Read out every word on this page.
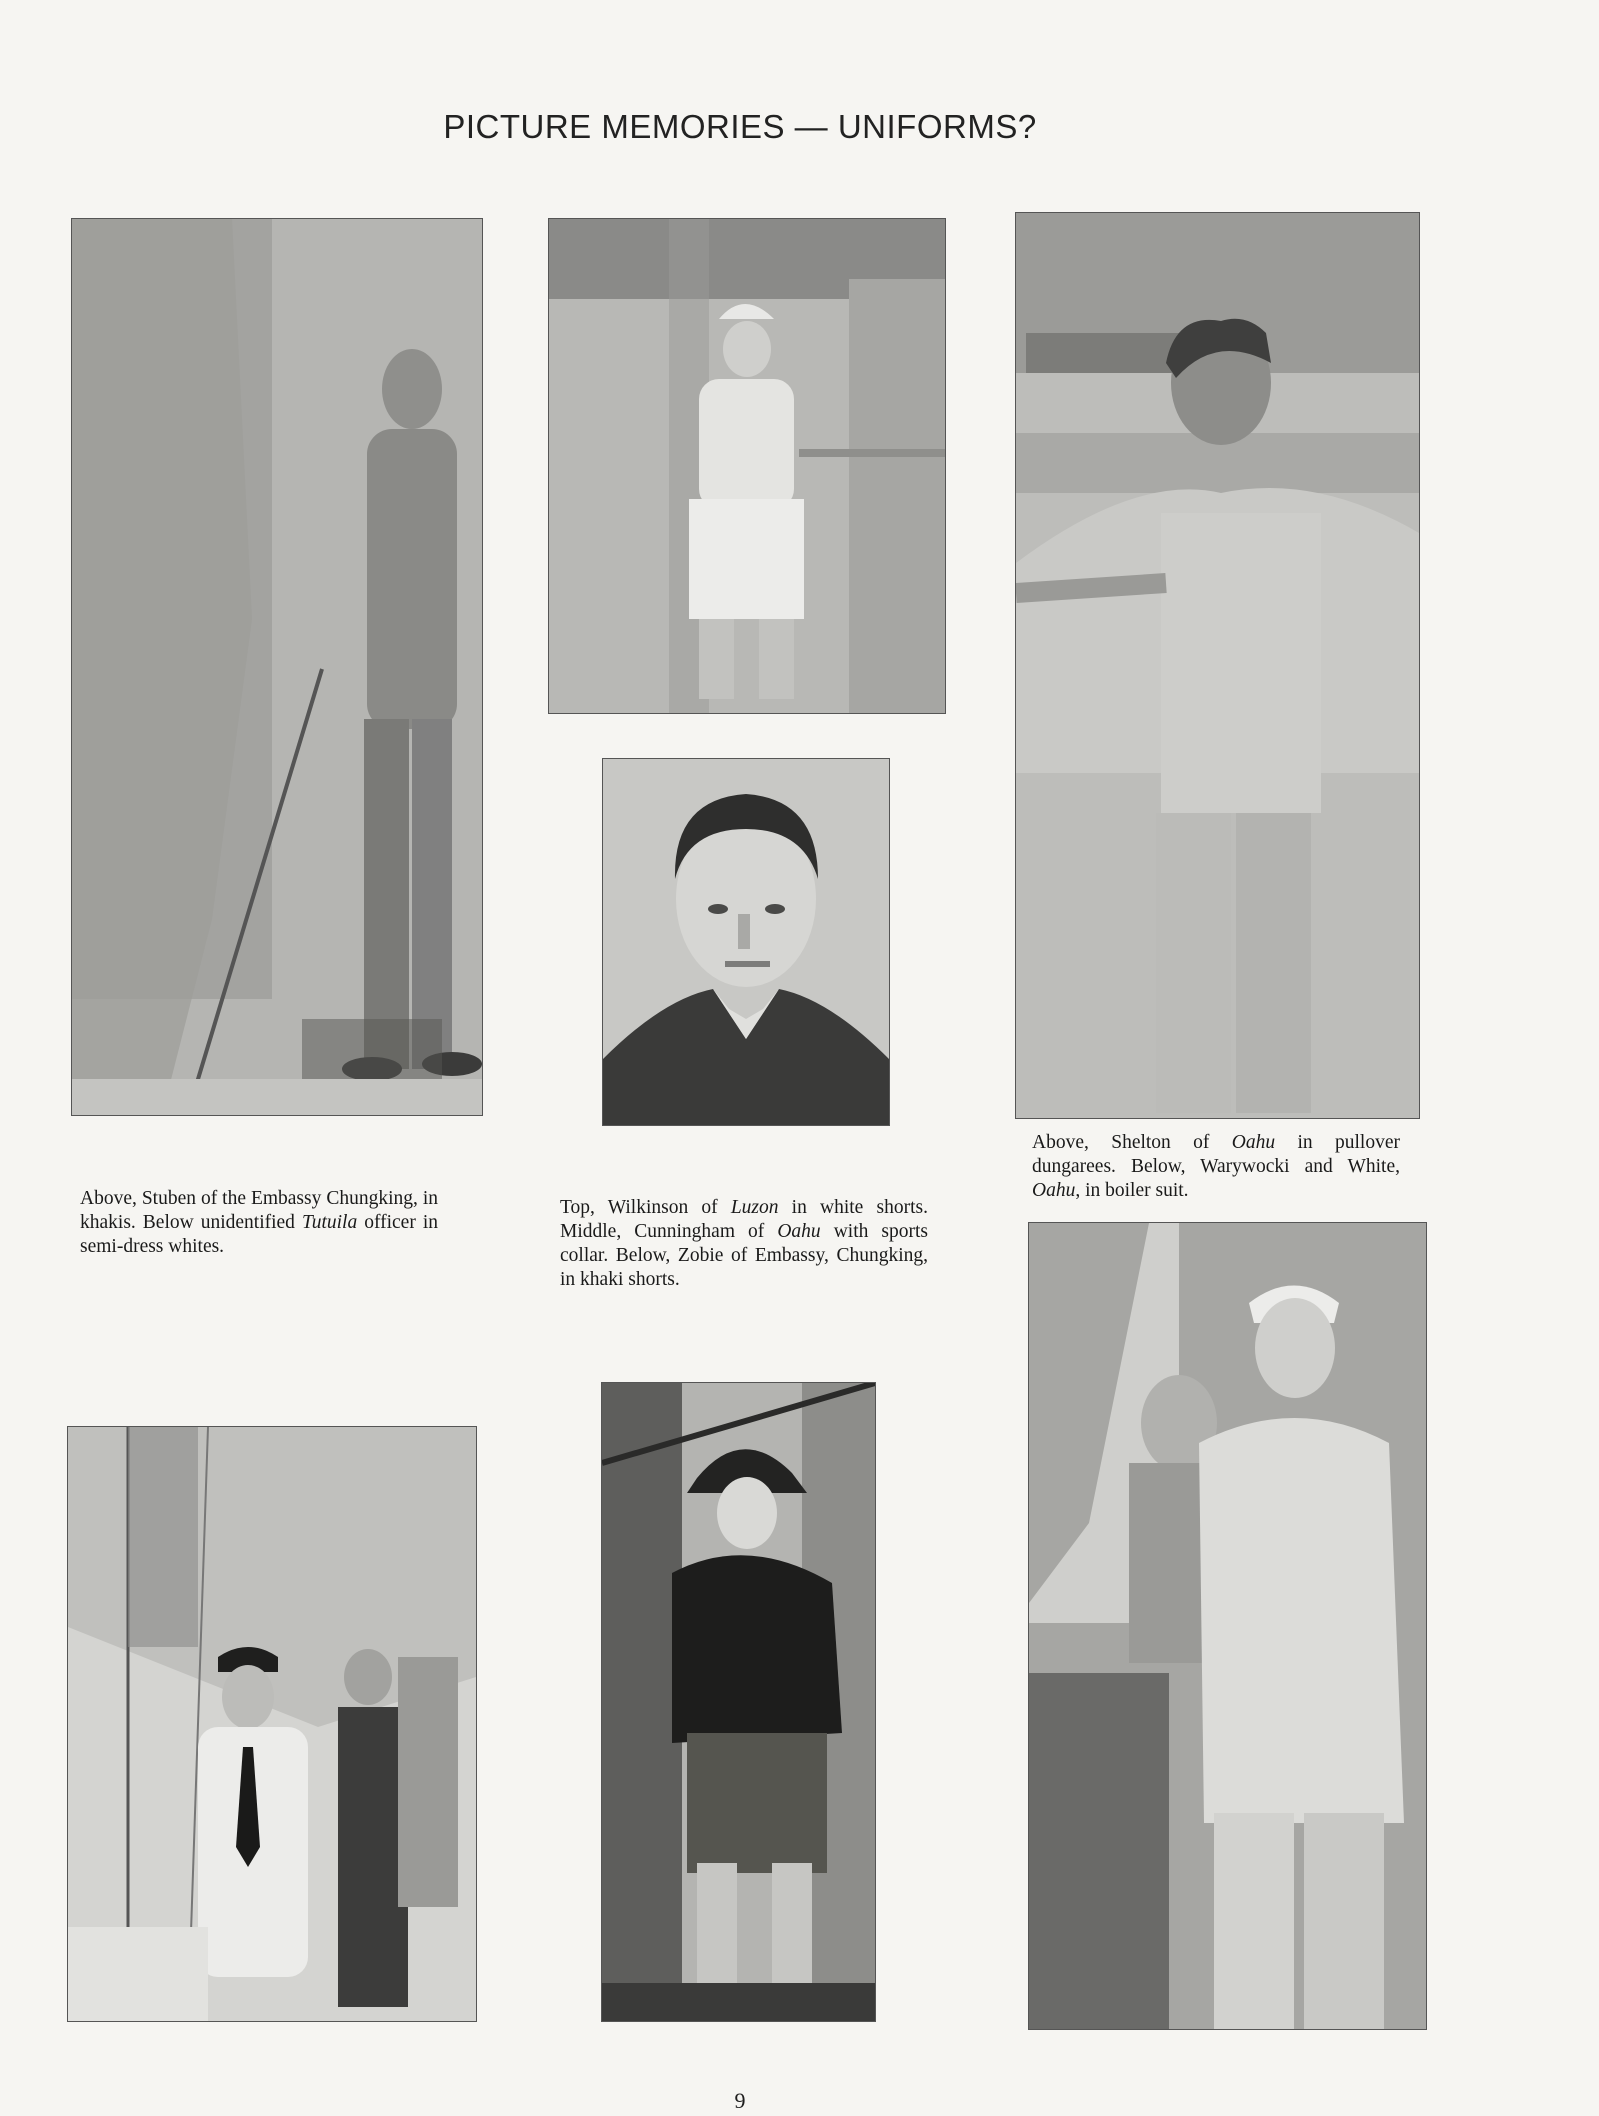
PICTURE MEMORIES — UNIFORMS?
Above, Stuben of the Embassy Chungking, in khakis. Below unidentified Tutuila officer in semi-dress whites.
Top, Wilkinson of Luzon in white shorts. Middle, Cunningham of Oahu with sports collar. Below, Zobie of Embassy, Chungking, in khaki shorts.
Above, Shelton of Oahu in pullover dungarees. Below, Warywocki and White, Oahu, in boiler suit.
9
